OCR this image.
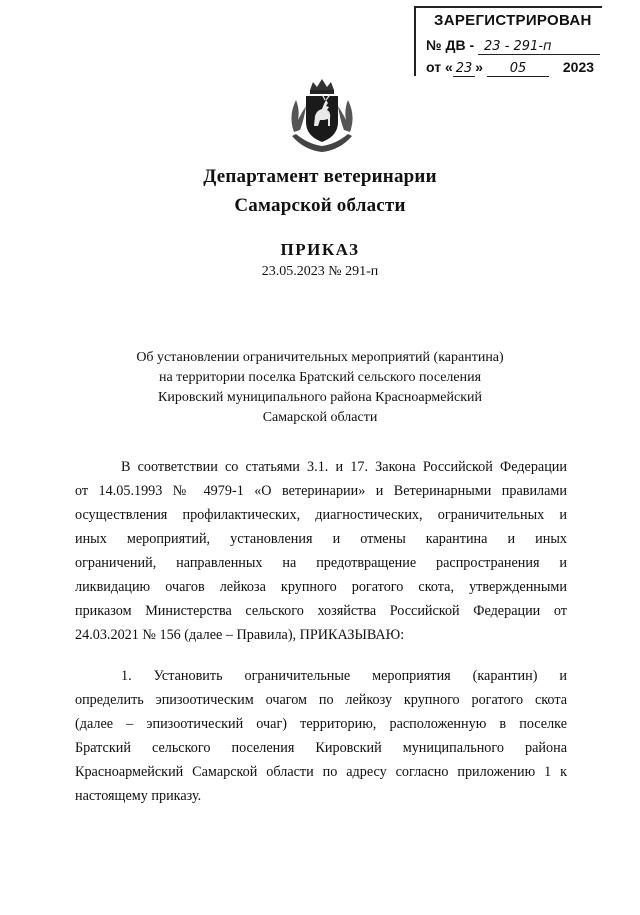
ЗАРЕГИСТРИРОВАН
№ ДВ - 23 - 291-п
от « 23 » 05	2023
Департамент ветеринарии
Самарской области
ПРИКАЗ
23.05.2023 № 291-п
Об установлении ограничительных мероприятий (карантина)
на территории поселка Братский сельского поселения
Кировский муниципального района Красноармейский
Самарской области
В соответствии со статьями 3.1. и 17. Закона Российской Федерации
от 14.05.1993 № 4979-1 «О ветеринарии» и Ветеринарными правилами
осуществления профилактических, диагностических, ограничительных и
иных мероприятий, установления и отмены карантина и иных
ограничений, направленных на предотвращение распространения и
ликвидацию очагов лейкоза крупного рогатого скота, утвержденными
приказом Министерства сельского хозяйства Российской Федерации от
24.03.2021 № 156 (далее – Правила), ПРИКАЗЫВАЮ:
1. Установить ограничительные мероприятия (карантин) и
определить эпизоотическим очагом по лейкозу крупного рогатого скота
(далее – эпизоотический очаг) территорию, расположенную в поселке
Братский сельского поселения Кировский муниципального района
Красноармейский Самарской области по адресу согласно приложению 1 к
настоящему приказу.
